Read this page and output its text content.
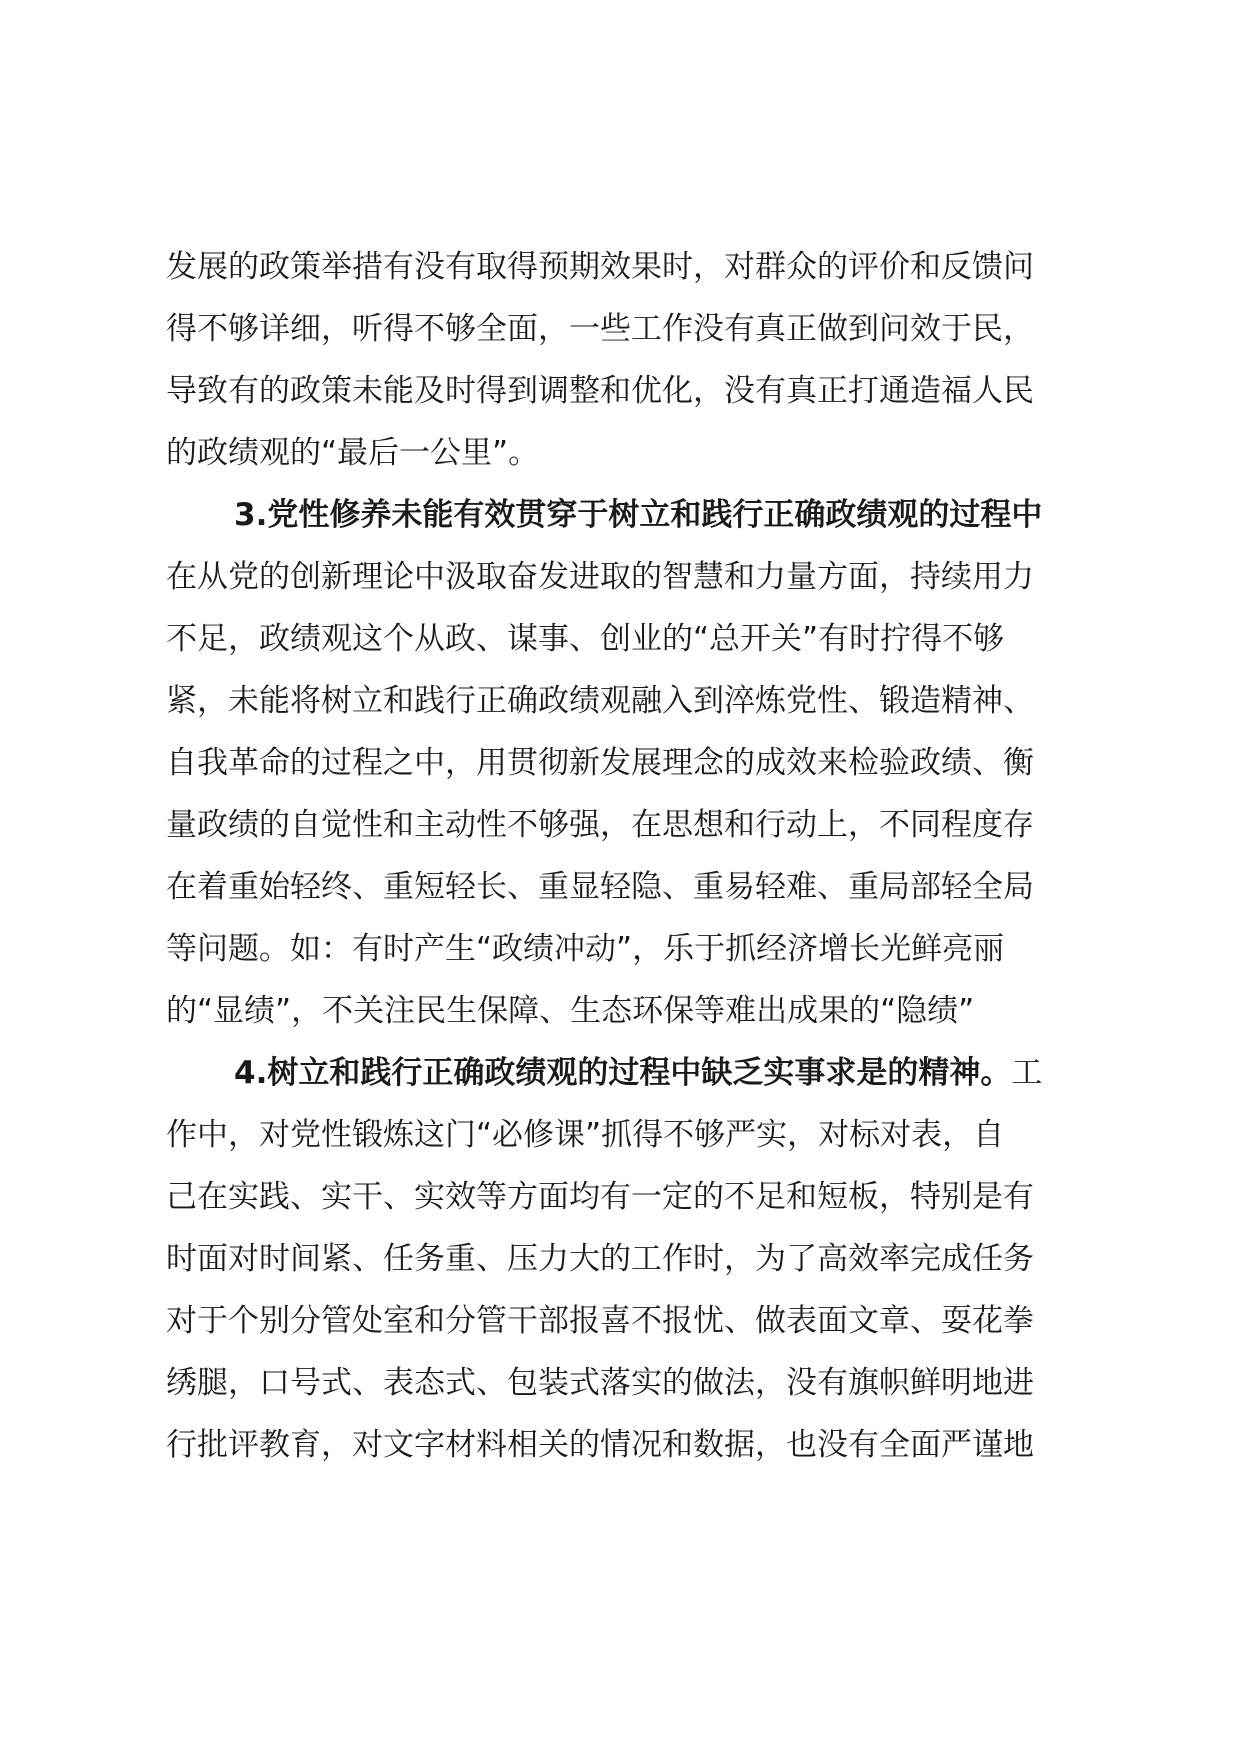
发展的政策举措有没有取得预期效果时，对群众的评价和反馈问
得不够详细，听得不够全面，一些工作没有真正做到问效于民，
导致有的政策未能及时得到调整和优化，没有真正打通造福人民
的政绩观的“最后一公里”。
3.党性修养未能有效贯穿于树立和践行正确政绩观的过程中
在从党的创新理论中汲取奋发进取的智慧和力量方面，持续用力
不足，政绩观这个从政、谋事、创业的“总开关”有时拧得不够
紧，未能将树立和践行正确政绩观融入到淬炼党性、锻造精神、
自我革命的过程之中，用贯彻新发展理念的成效来检验政绩、衡
量政绩的自觉性和主动性不够强，在思想和行动上，不同程度存
在着重始轻终、重短轻长、重显轻隐、重易轻难、重局部轻全局
等问题。如：有时产生“政绩冲动”，乐于抓经济增长光鲜亮丽
的“显绩”，不关注民生保障、生态环保等难出成果的“隐绩”
4.树立和践行正确政绩观的过程中缺乏实事求是的精神。工
作中，对党性锻炼这门“必修课”抓得不够严实，对标对表，自
己在实践、实干、实效等方面均有一定的不足和短板，特别是有
时面对时间紧、任务重、压力大的工作时，为了高效率完成任务
对于个别分管处室和分管干部报喜不报忧、做表面文章、耍花拳
绣腿，口号式、表态式、包装式落实的做法，没有旗帜鲜明地进
行批评教育，对文字材料相关的情况和数据，也没有全面严谨地
